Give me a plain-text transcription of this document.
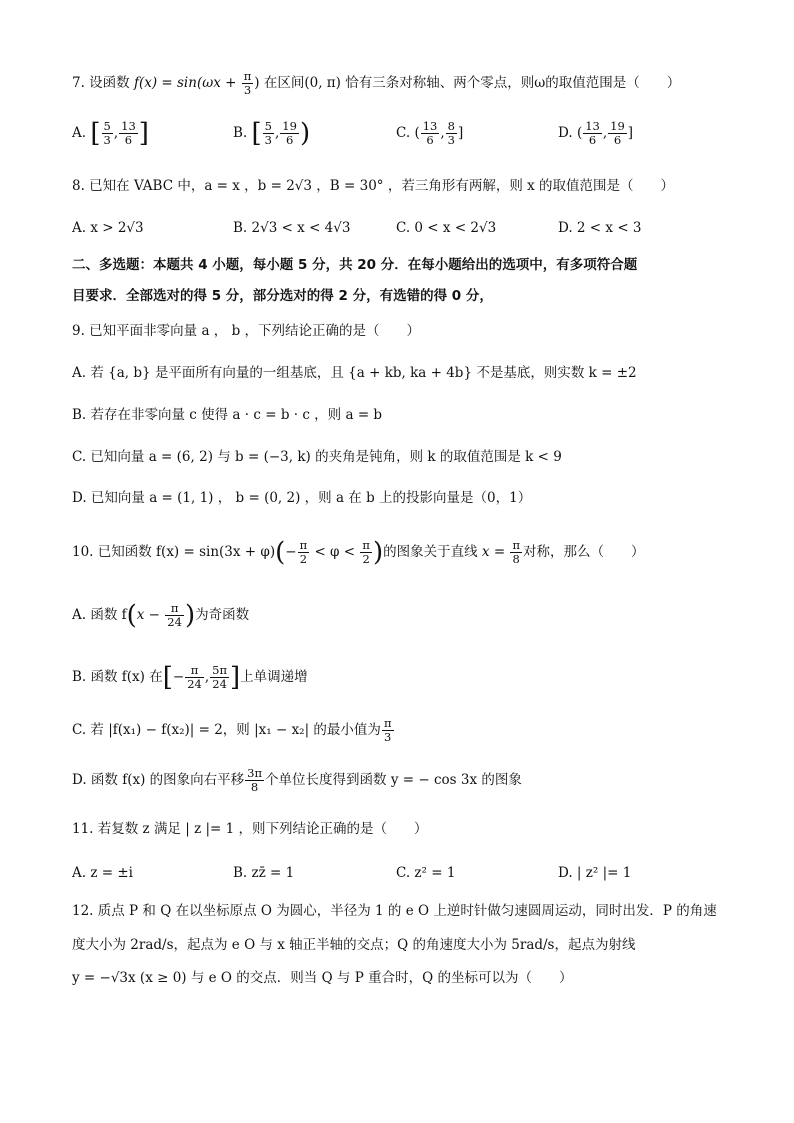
7. 设函数 $f(x) = \sin(\omega x + \frac{\pi}{3}$ ) 在区间(0, π) 恰有三条对称轴、两个零点，则ω的取值范围是（　　）
A. [ $\frac{5}{3}$ , $\frac{13}{6}$ ]	B. [ $\frac{5}{3}$ , $\frac{19}{6}$ )	C. ( $\frac{13}{6}$ , $\frac{8}{3}$ ]	D. ( $\frac{13}{6}$ , $\frac{19}{6}$ ]
8. 已知在 VABC 中，a = x ，b = 2√3 ，B = 30° ，若三角形有两解，则 x 的取值范围是（　　）
A. x > 2√3	B. 2√3 < x < 4√3	C. 0 < x < 2√3	D. 2 < x < 3
二、多选题：本题共 4 小题，每小题 5 分，共 20 分．在每小题给出的选项中，有多项符合题
目要求．全部选对的得 5 分，部分选对的得 2 分，有选错的得 0 分，
9. 已知平面非零向量 a ， b ，下列结论正确的是（　　）
A. 若 {a, b} 是平面所有向量的一组基底，且 {a + kb, ka + 4b} 不是基底，则实数 k = ±2
B. 若存在非零向量 c 使得 a · c = b · c ，则 a = b
C. 已知向量 a = (6, 2) 与 b = (−3, k) 的夹角是钝角，则 k 的取值范围是 k < 9
D. 已知向量 a = (1, 1) ， b = (0, 2) ，则 a 在 b 上的投影向量是（0，1）
10. 已知函数 $f(x) = \sin(3x + \varphi)(- \frac{\pi}{2} < \varphi < \frac{\pi}{2}$ )的图象关于直线 $x = \frac{\pi}{8}$ 对称，那么（　　）
A. 函数 $f(x - \frac{\pi}{24}$ )为奇函数
B. 函数 f(x) 在[− $\frac{\pi}{24}$ , $\frac{5\pi}{24}$ ]上单调递增
C. 若 |f(x₁) − f(x₂)| = 2，则 |x₁ − x₂| 的最小值为 $\frac{\pi}{3}$
D. 函数 f(x) 的图象向右平移 $\frac{3\pi}{8}$ 个单位长度得到函数 y = − cos 3x 的图象
11. 若复数 z 满足 | z |= 1 ，则下列结论正确的是（　　）
A. z = ±i	B. zz̄ = 1	C. z² = 1	D. | z² |= 1
12. 质点 P 和 Q 在以坐标原点 O 为圆心，半径为 1 的 e O 上逆时针做匀速圆周运动，同时出发．P 的角速
度大小为 2rad/s，起点为 e O 与 x 轴正半轴的交点；Q 的角速度大小为 5rad/s，起点为射线
y = −√3x (x ≥ 0) 与 e O 的交点．则当 Q 与 P 重合时，Q 的坐标可以为（　　）
